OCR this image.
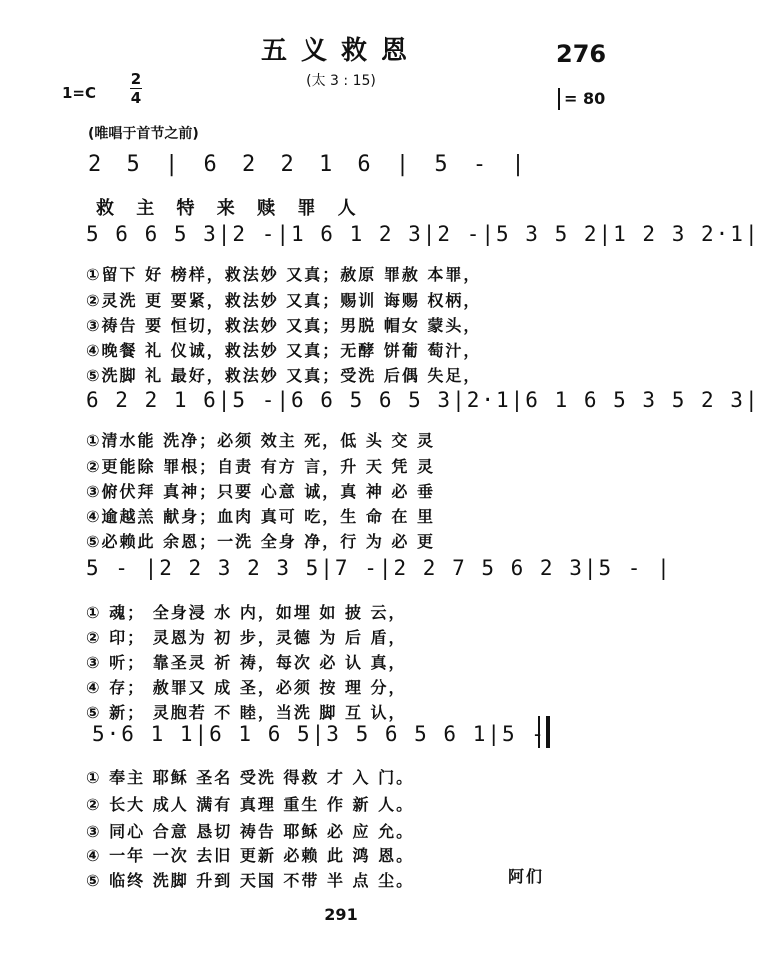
五义救恩
(太 3 : 15)
276
1=C
2
4	= 80
(唯唱于首节之前)
2 5 | 6 2 2 1 6 | 5 - |
救 主 特 来 赎 罪 人
5 6 6 5 3|2 -|1 6 1 2 3|2 -|5 3 5 2|1 2 3 2·1|
①留下 好 榜样，救法妙 又真；赦原 罪赦 本罪，
②灵洗 更 要紧，救法妙 又真；赐训 诲赐 权柄，
③祷告 要 恒切，救法妙 又真；男脱 帽女 蒙头，
④晚餐 礼 仪诚，救法妙 又真；无酵 饼葡 萄汁，
⑤洗脚 礼 最好，救法妙 又真；受洗 后偶 失足，
6 2 2 1 6|5 -|6 6 5 6 5 3|2·1|6 1 6 5 3 5 2 3|
①清水能 洗净；必须 效主 死，低 头 交 灵
②更能除 罪根；自责 有方 言，升 天 凭 灵
③俯伏拜 真神；只要 心意 诚，真 神 必 垂
④逾越羔 献身；血肉 真可 吃，生 命 在 里
⑤必赖此 余恩；一洗 全身 净，行 为 必 更
5 - |2 2 3 2 3 5|7 -|2 2 7 5 6 2 3|5 - |
① 魂； 全身浸 水 内，如埋 如 披 云，
② 印； 灵恩为 初 步，灵德 为 后 盾，
③ 听； 靠圣灵 祈 祷，每次 必 认 真，
④ 存； 赦罪又 成 圣，必须 按 理 分，
⑤ 新； 灵胞若 不 睦，当洗 脚 互 认，
5·6 1 1|6 1 6 5|3 5 6 5 6 1|5 -
① 奉主 耶稣 圣名 受洗 得救 才 入 门。
② 长大 成人 满有 真理 重生 作 新 人。
③ 同心 合意 恳切 祷告 耶稣 必 应 允。
④ 一年 一次 去旧 更新 必赖 此 鸿 恩。
⑤ 临终 洗脚 升到 天国 不带 半 点 尘。	阿们
291
